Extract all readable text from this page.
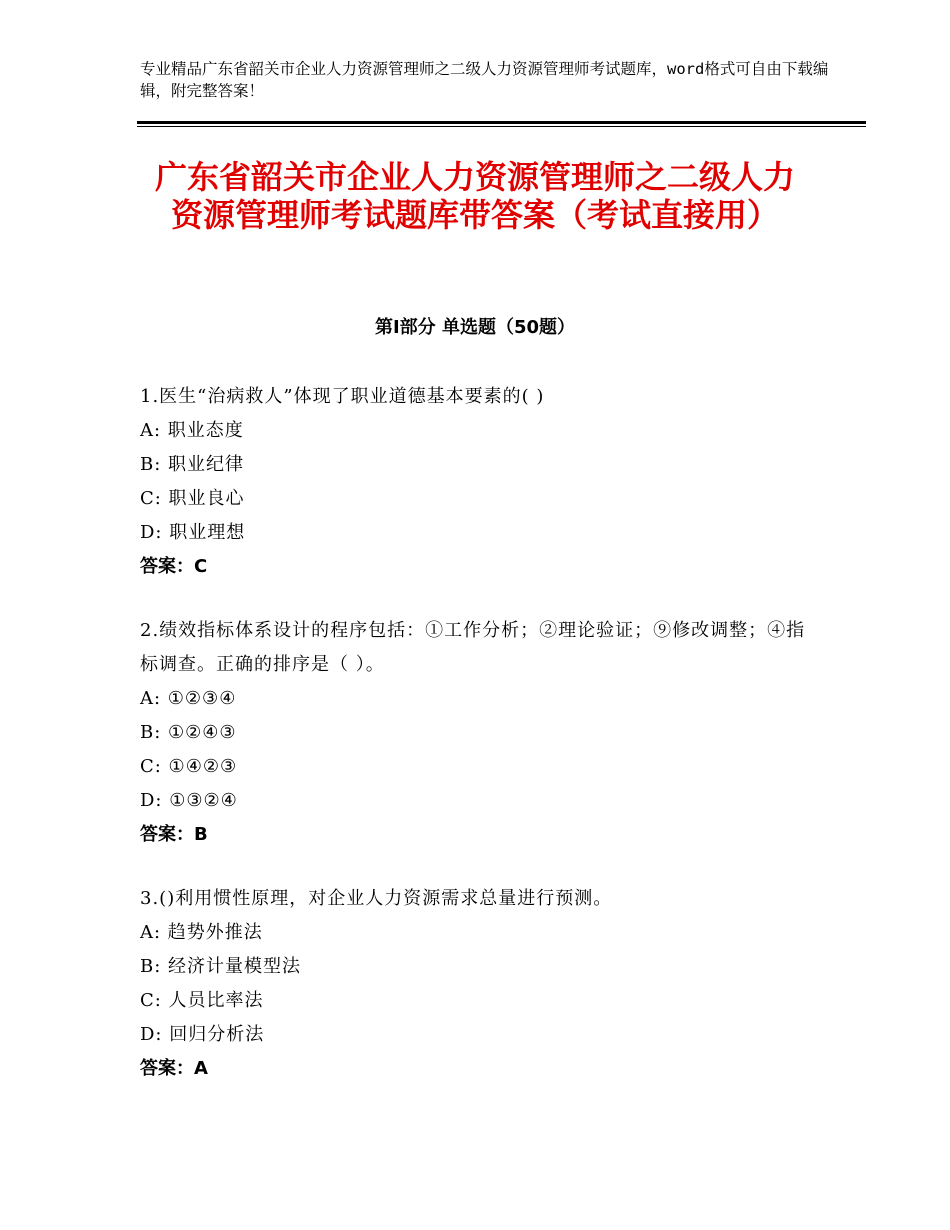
专业精品广东省韶关市企业人力资源管理师之二级人力资源管理师考试题库，word格式可自由下载编辑，附完整答案！
广东省韶关市企业人力资源管理师之二级人力资源管理师考试题库带答案（考试直接用）
第Ⅰ部分 单选题（50题）
1.医生“治病救人”体现了职业道德基本要素的( )
A: 职业态度
B: 职业纪律
C: 职业良心
D: 职业理想
答案：C
2.绩效指标体系设计的程序包括：①工作分析；②理论验证；⑨修改调整；④指标调查。正确的排序是（ ）。
A: ①②③④
B: ①②④③
C: ①④②③
D: ①③②④
答案：B
3.()利用惯性原理，对企业人力资源需求总量进行预测。
A: 趋势外推法
B: 经济计量模型法
C: 人员比率法
D: 回归分析法
答案：A
